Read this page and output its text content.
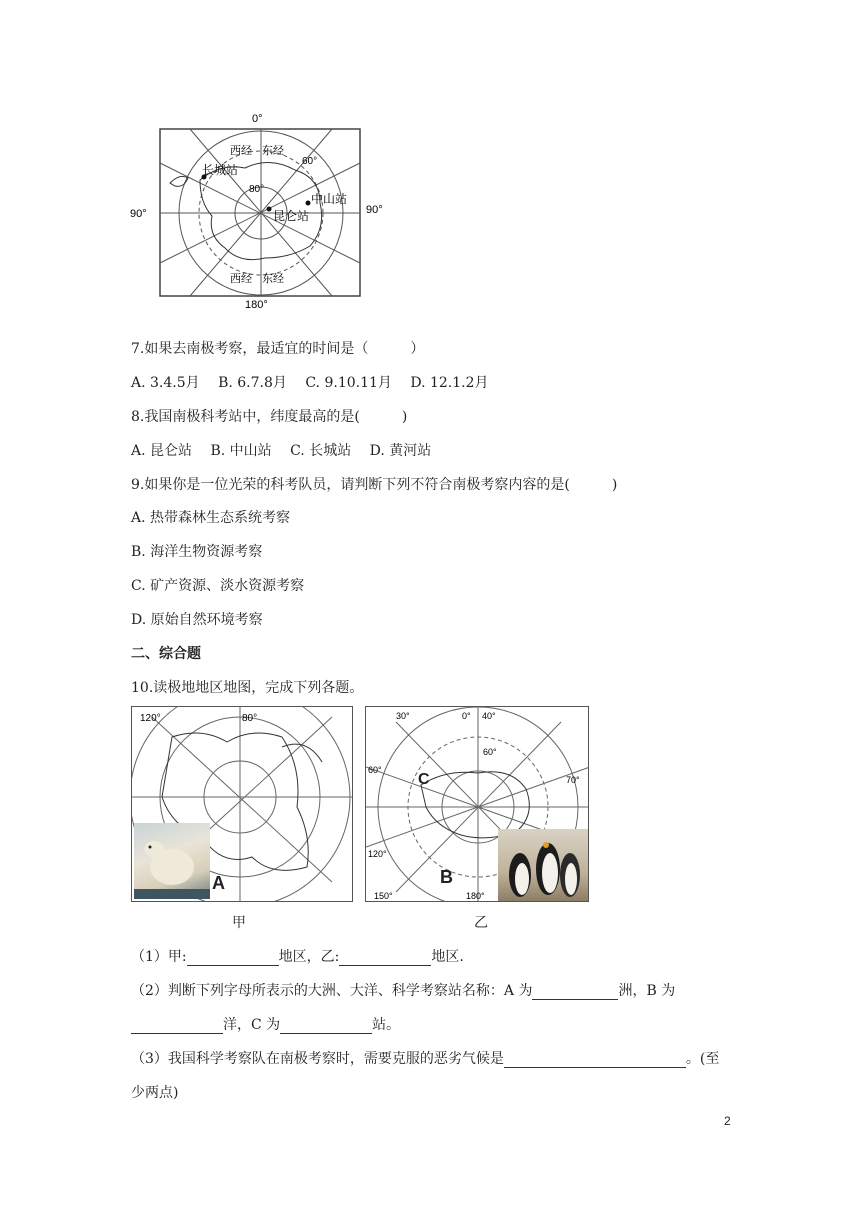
0°
180°
90°	90°
西经 东经
西经 东经
60°
80°
长城站
中山站
昆仑站
7.如果去南极考察，最适宜的时间是（　　　）
A. 3.4.5月　 B. 6.7.8月　 C. 9.10.11月　 D. 12.1.2月
8.我国南极科考站中，纬度最高的是(　　　)
A. 昆仑站　 B. 中山站　 C. 长城站　 D. 黄河站
9.如果你是一位光荣的科考队员，请判断下列不符合南极考察内容的是(　　　)
A. 热带森林生态系统考察
B. 海洋生物资源考察
C. 矿产资源、淡水资源考察
D. 原始自然环境考察
二、综合题
10.读极地地区地图，完成下列各题。
120°	80°
A
甲
30°	0° 40°
60°
60°
70°
120°
150°	180°
C
B
乙
（1）甲:	地区，乙:	地区.
（2）判断下列字母所表示的大洲、大洋、科学考察站名称：A 为	洲，B 为
洋，C 为	站。
（3）我国科学考察队在南极考察时，需要克服的恶劣气候是	。(至
少两点)
2
